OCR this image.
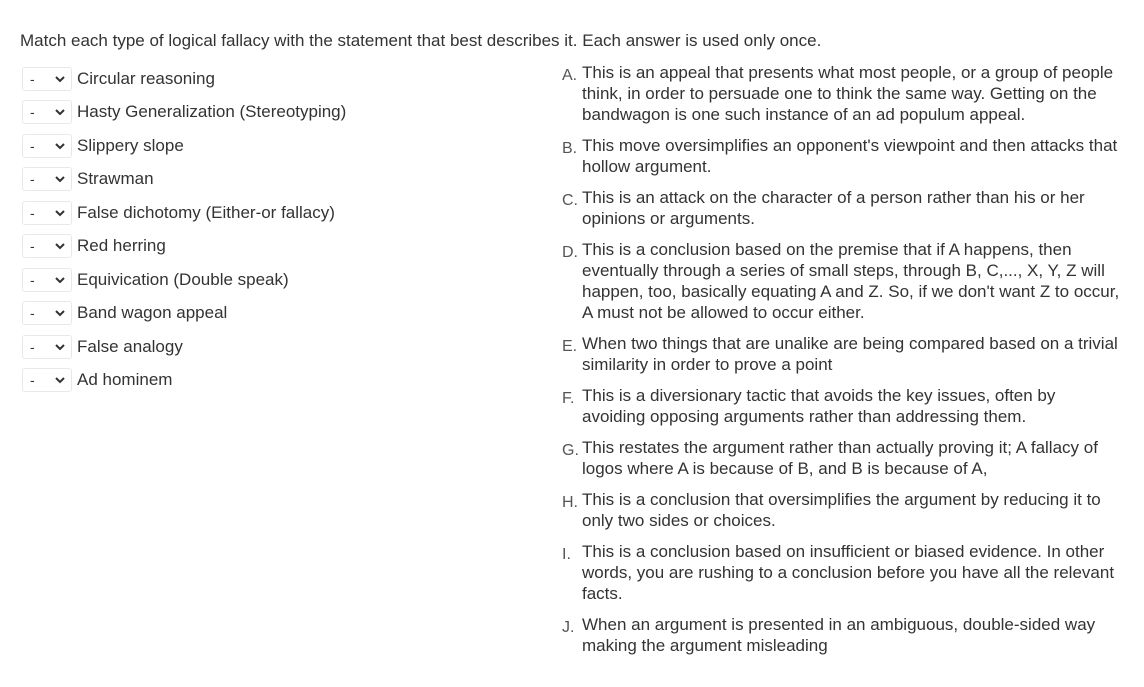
Match each type of logical fallacy with the statement that best describes it. Each answer is used only once.
- Circular reasoning
- Hasty Generalization (Stereotyping)
- Slippery slope
- Strawman
- False dichotomy (Either-or fallacy)
- Red herring
- Equivication (Double speak)
- Band wagon appeal
- False analogy
- Ad hominem
A. This is an appeal that presents what most people, or a group of people think, in order to persuade one to think the same way. Getting on the bandwagon is one such instance of an ad populum appeal.
B. This move oversimplifies an opponent's viewpoint and then attacks that hollow argument.
C. This is an attack on the character of a person rather than his or her opinions or arguments.
D. This is a conclusion based on the premise that if A happens, then eventually through a series of small steps, through B, C,..., X, Y, Z will happen, too, basically equating A and Z. So, if we don't want Z to occur, A must not be allowed to occur either.
E. When two things that are unalike are being compared based on a trivial similarity in order to prove a point
F. This is a diversionary tactic that avoids the key issues, often by avoiding opposing arguments rather than addressing them.
G. This restates the argument rather than actually proving it; A fallacy of logos where A is because of B, and B is because of A,
H. This is a conclusion that oversimplifies the argument by reducing it to only two sides or choices.
I. This is a conclusion based on insufficient or biased evidence. In other words, you are rushing to a conclusion before you have all the relevant facts.
J. When an argument is presented in an ambiguous, double-sided way making the argument misleading
